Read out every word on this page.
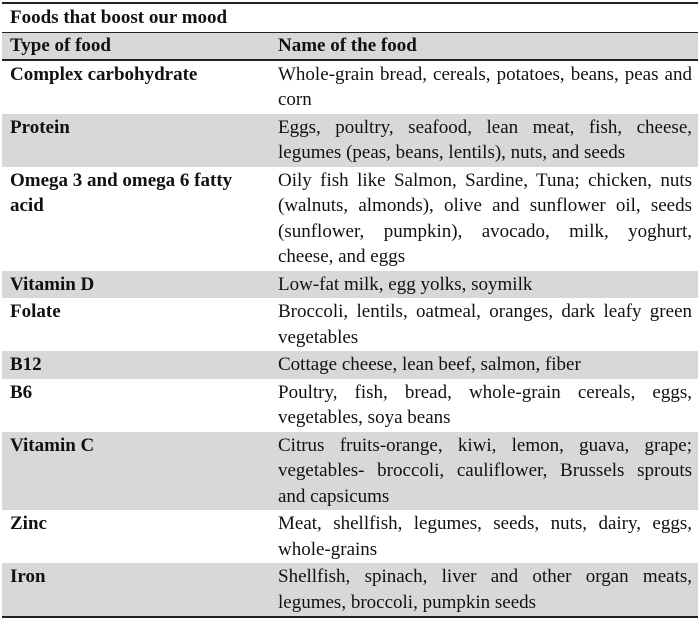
Foods that boost our mood
Type of food	Name of the food
Complex carbohydrate	Whole-grain bread, cereals, potatoes, beans, peas and corn
Protein	Eggs, poultry, seafood, lean meat, fish, cheese, legumes (peas, beans, lentils), nuts, and seeds
Omega 3 and omega 6 fatty acid	Oily fish like Salmon, Sardine, Tuna; chicken, nuts (walnuts, almonds), olive and sunflower oil, seeds (sunflower, pumpkin), avocado, milk, yoghurt, cheese, and eggs
Vitamin D	Low-fat milk, egg yolks, soymilk
Folate	Broccoli, lentils, oatmeal, oranges, dark leafy green vegetables
B12	Cottage cheese, lean beef, salmon, fiber
B6	Poultry, fish, bread, whole-grain cereals, eggs, vegetables, soya beans
Vitamin C	Citrus fruits-orange, kiwi, lemon, guava, grape; vegetables- broccoli, cauliflower, Brussels sprouts and capsicums
Zinc	Meat, shellfish, legumes, seeds, nuts, dairy, eggs, whole-grains
Iron	Shellfish, spinach, liver and other organ meats, legumes, broccoli, pumpkin seeds
